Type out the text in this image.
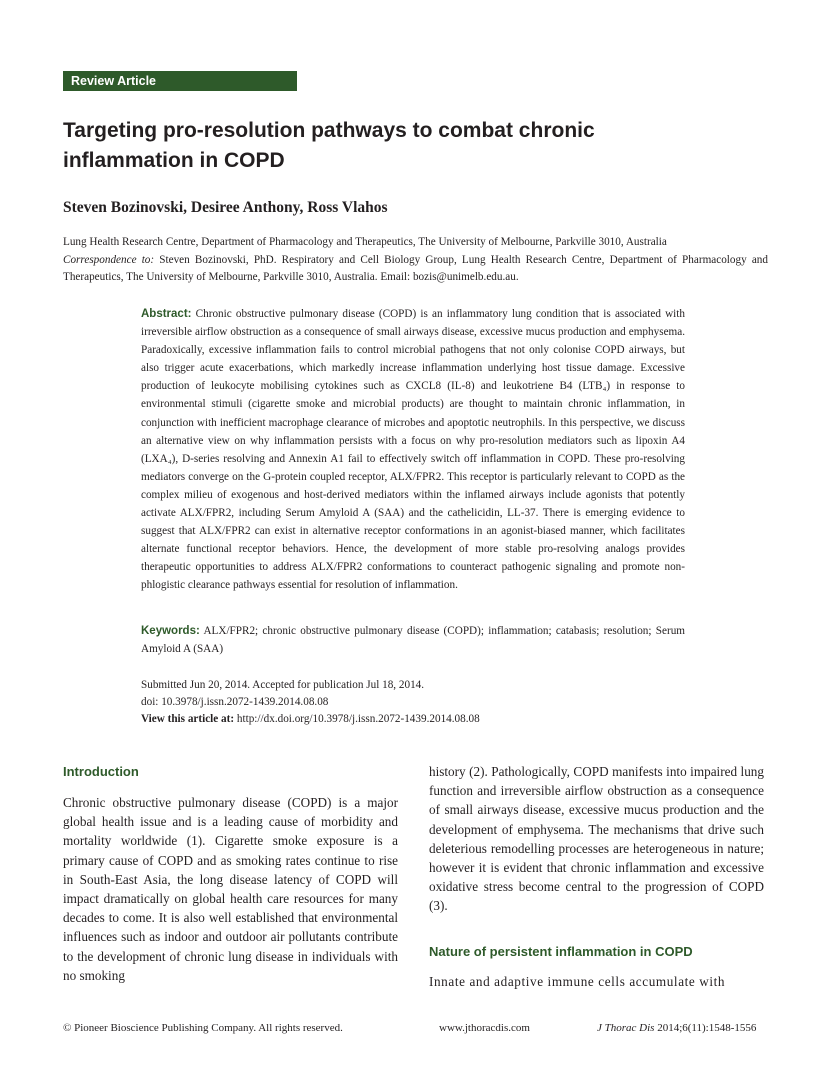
Review Article
Targeting pro-resolution pathways to combat chronic inflammation in COPD
Steven Bozinovski, Desiree Anthony, Ross Vlahos
Lung Health Research Centre, Department of Pharmacology and Therapeutics, The University of Melbourne, Parkville 3010, Australia
Correspondence to: Steven Bozinovski, PhD. Respiratory and Cell Biology Group, Lung Health Research Centre, Department of Pharmacology and Therapeutics, The University of Melbourne, Parkville 3010, Australia. Email: bozis@unimelb.edu.au.

Abstract: Chronic obstructive pulmonary disease (COPD) is an inflammatory lung condition that is associated with irreversible airflow obstruction as a consequence of small airways disease, excessive mucus production and emphysema. Paradoxically, excessive inflammation fails to control microbial pathogens that not only colonise COPD airways, but also trigger acute exacerbations, which markedly increase inflammation underlying host tissue damage. Excessive production of leukocyte mobilising cytokines such as CXCL8 (IL-8) and leukotriene B4 (LTB₄) in response to environmental stimuli (cigarette smoke and microbial products) are thought to maintain chronic inflammation, in conjunction with inefficient macrophage clearance of microbes and apoptotic neutrophils. In this perspective, we discuss an alternative view on why inflammation persists with a focus on why pro-resolution mediators such as lipoxin A4 (LXA₄), D-series resolving and Annexin A1 fail to effectively switch off inflammation in COPD. These pro-resolving mediators converge on the G-protein coupled receptor, ALX/FPR2. This receptor is particularly relevant to COPD as the complex milieu of exogenous and host-derived mediators within the inflamed airways include agonists that potently activate ALX/FPR2, including Serum Amyloid A (SAA) and the cathelicidin, LL-37. There is emerging evidence to suggest that ALX/FPR2 can exist in alternative receptor conformations in an agonist-biased manner, which facilitates alternate functional receptor behaviors. Hence, the development of more stable pro-resolving analogs provides therapeutic opportunities to address ALX/FPR2 conformations to counteract pathogenic signaling and promote non-phlogistic clearance pathways essential for resolution of inflammation.

Keywords: ALX/FPR2; chronic obstructive pulmonary disease (COPD); inflammation; catabasis; resolution; Serum Amyloid A (SAA)

Submitted Jun 20, 2014. Accepted for publication Jul 18, 2014.
doi: 10.3978/j.issn.2072-1439.2014.08.08
View this article at: http://dx.doi.org/10.3978/j.issn.2072-1439.2014.08.08
Introduction

Chronic obstructive pulmonary disease (COPD) is a major global health issue and is a leading cause of morbidity and mortality worldwide (1). Cigarette smoke exposure is a primary cause of COPD and as smoking rates continue to rise in South-East Asia, the long disease latency of COPD will impact dramatically on global health care resources for many decades to come. It is also well established that environmental influences such as indoor and outdoor air pollutants contribute to the development of chronic lung disease in individuals with no smoking

history (2). Pathologically, COPD manifests into impaired lung function and irreversible airflow obstruction as a consequence of small airways disease, excessive mucus production and the development of emphysema. The mechanisms that drive such deleterious remodelling processes are heterogeneous in nature; however it is evident that chronic inflammation and excessive oxidative stress become central to the progression of COPD (3).

Nature of persistent inflammation in COPD

Innate and adaptive immune cells accumulate with

© Pioneer Bioscience Publishing Company. All rights reserved.	www.jthoracdis.com	J Thorac Dis 2014;6(11):1548-1556
